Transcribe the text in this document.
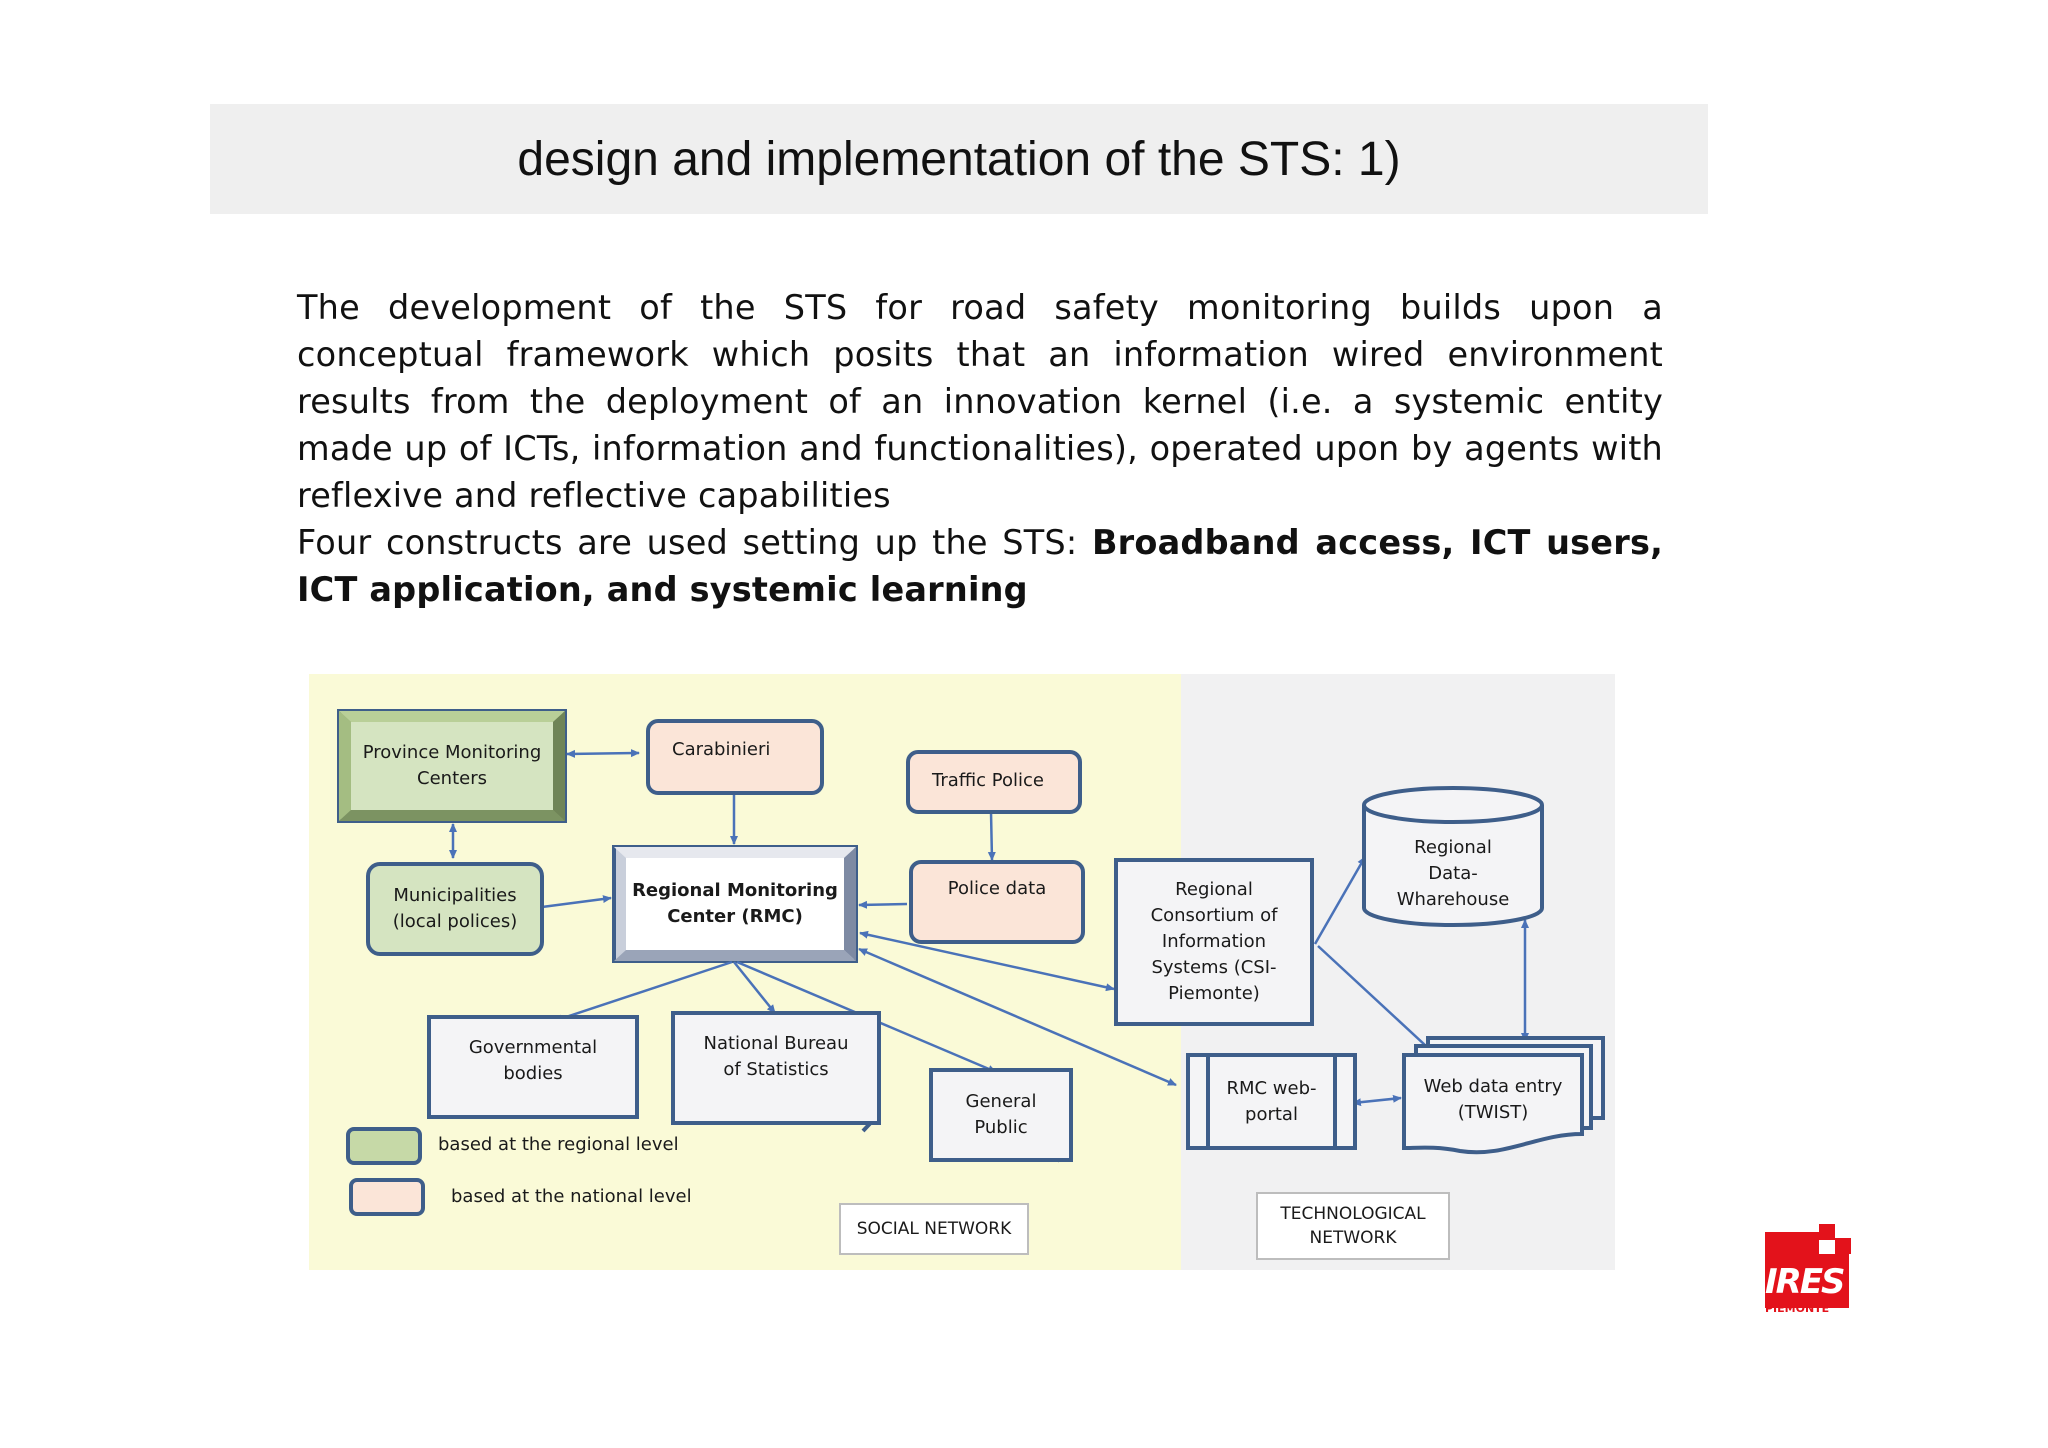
design and implementation of the STS: 1)

The development of the STS for road safety monitoring builds upon a conceptual framework which posits that an information wired environment results from the deployment of an innovation kernel (i.e. a systemic entity made up of ICTs, information and functionalities), operated upon by agents with reflexive and reflective capabilities

Four constructs are used setting up the STS: Broadband access, ICT users, ICT application, and systemic learning

Province Monitoring Centers
Carabinieri
Traffic Police
Municipalities (local polices)
Regional Monitoring Center (RMC)
Police data	Regional Consortium of Information Systems (CSI-Piemonte)
Regional Data-Wharehouse
Governmental bodies
National Bureau of Statistics
General Public
RMC web-portal
Web data entry (TWIST)
based at the regional level
based at the national level
SOCIAL NETWORK
TECHNOLOGICAL NETWORK
IRES
PIEMONTE
